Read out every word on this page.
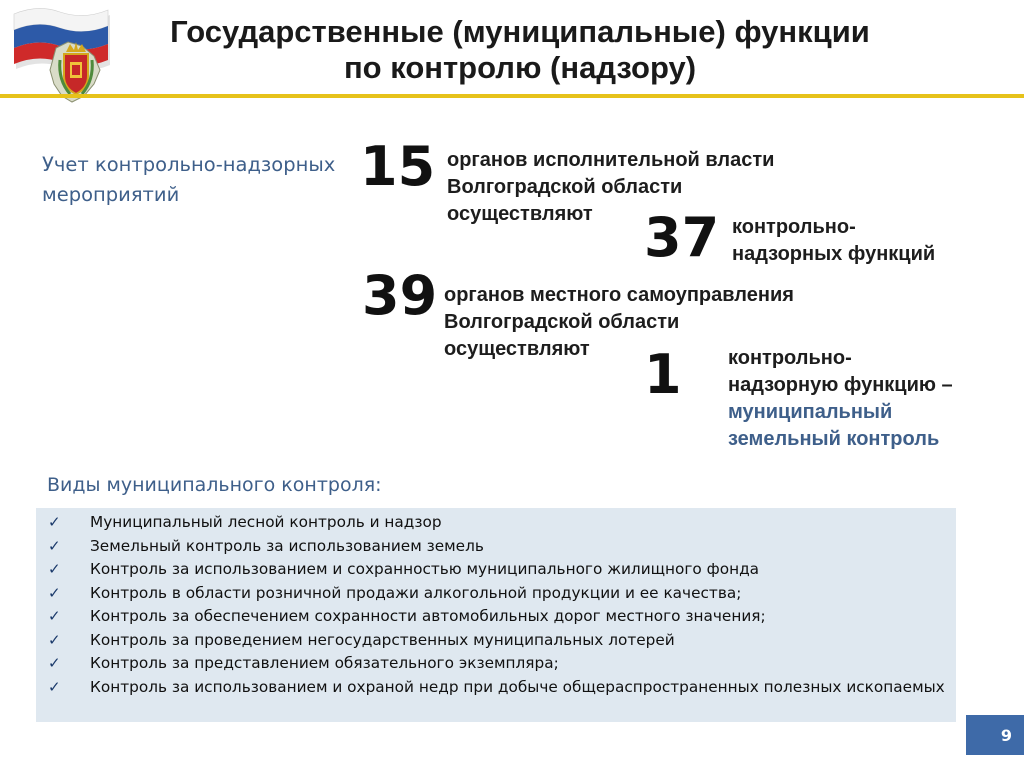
Государственные (муниципальные) функции
по контролю (надзору)
Учет контрольно-надзорных мероприятий	15 органов исполнительной власти
Волгоградской области
осуществляют 37 контрольно-
надзорных функций
39 органов местного самоуправления
Волгоградской области
осуществляют	1 контрольно-
надзорную функцию –
муниципальный
земельный контроль
Виды муниципального контроля:
✓ Муниципальный лесной контроль и надзор
✓ Земельный контроль за использованием земель
✓ Контроль за использованием и сохранностью муниципального жилищного фонда
✓ Контроль в области розничной продажи алкогольной продукции и ее качества;
✓ Контроль за обеспечением сохранности автомобильных дорог местного значения;
✓ Контроль за проведением негосударственных муниципальных лотерей
✓ Контроль за представлением обязательного экземпляра;
✓ Контроль за использованием и охраной недр при добыче общераспространенных полезных ископаемых
9
